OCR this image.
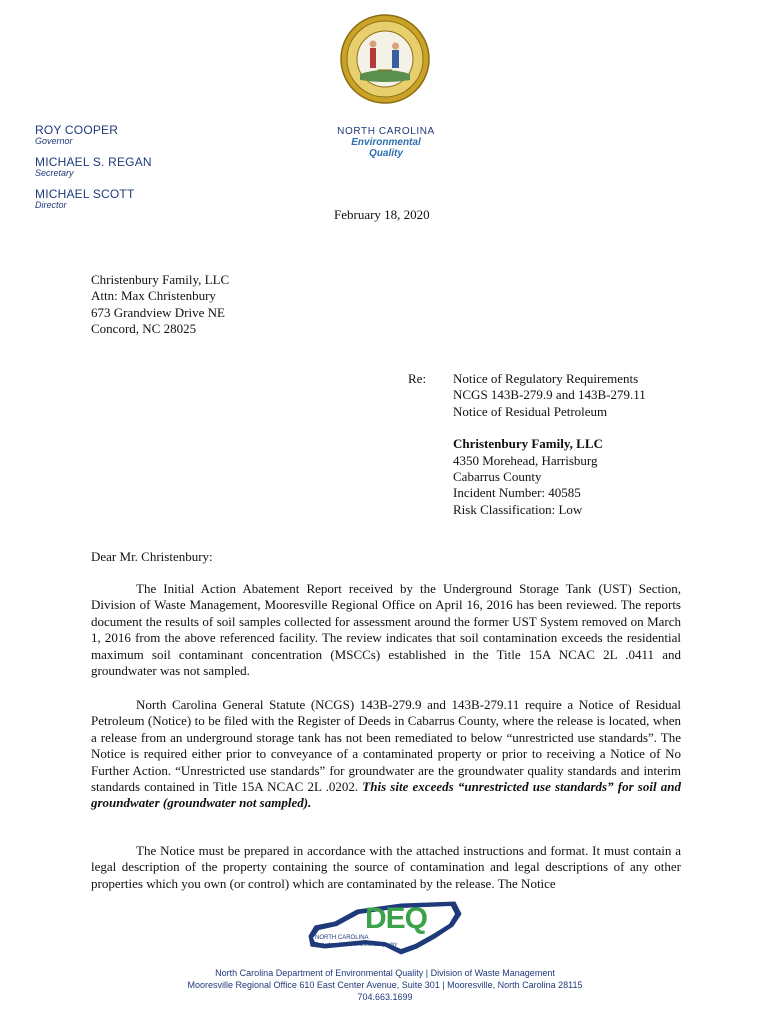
ROY COOPER
Governor
MICHAEL S. REGAN
Secretary
MICHAEL SCOTT
Director
NORTH CAROLINA
Environmental Quality
February 18, 2020
Christenbury Family, LLC
Attn: Max Christenbury
673 Grandview Drive NE
Concord, NC 28025
Re: Notice of Regulatory Requirements
NCGS 143B-279.9 and 143B-279.11
Notice of Residual Petroleum
Christenbury Family, LLC
4350 Morehead, Harrisburg
Cabarrus County
Incident Number: 40585
Risk Classification: Low
Dear Mr. Christenbury:
The Initial Action Abatement Report received by the Underground Storage Tank (UST) Section, Division of Waste Management, Mooresville Regional Office on April 16, 2016 has been reviewed. The reports document the results of soil samples collected for assessment around the former UST System removed on March 1, 2016 from the above referenced facility. The review indicates that soil contamination exceeds the residential maximum soil contaminant concentration (MSCCs) established in the Title 15A NCAC 2L .0411 and groundwater was not sampled.
North Carolina General Statute (NCGS) 143B-279.9 and 143B-279.11 require a Notice of Residual Petroleum (Notice) to be filed with the Register of Deeds in Cabarrus County, where the release is located, when a release from an underground storage tank has not been remediated to below “unrestricted use standards”. The Notice is required either prior to conveyance of a contaminated property or prior to receiving a Notice of No Further Action. “Unrestricted use standards” for groundwater are the groundwater quality standards and interim standards contained in Title 15A NCAC 2L .0202. This site exceeds “unrestricted use standards” for soil and groundwater (groundwater not sampled).
The Notice must be prepared in accordance with the attached instructions and format. It must contain a legal description of the property containing the source of contamination and legal descriptions of any other properties which you own (or control) which are contaminated by the release. The Notice
DEQ
NORTH CAROLINA
Department of Environmental Quality
North Carolina Department of Environmental Quality | Division of Waste Management
Mooresville Regional Office 610 East Center Avenue, Suite 301 | Mooresville, North Carolina 28115
704.663.1699
